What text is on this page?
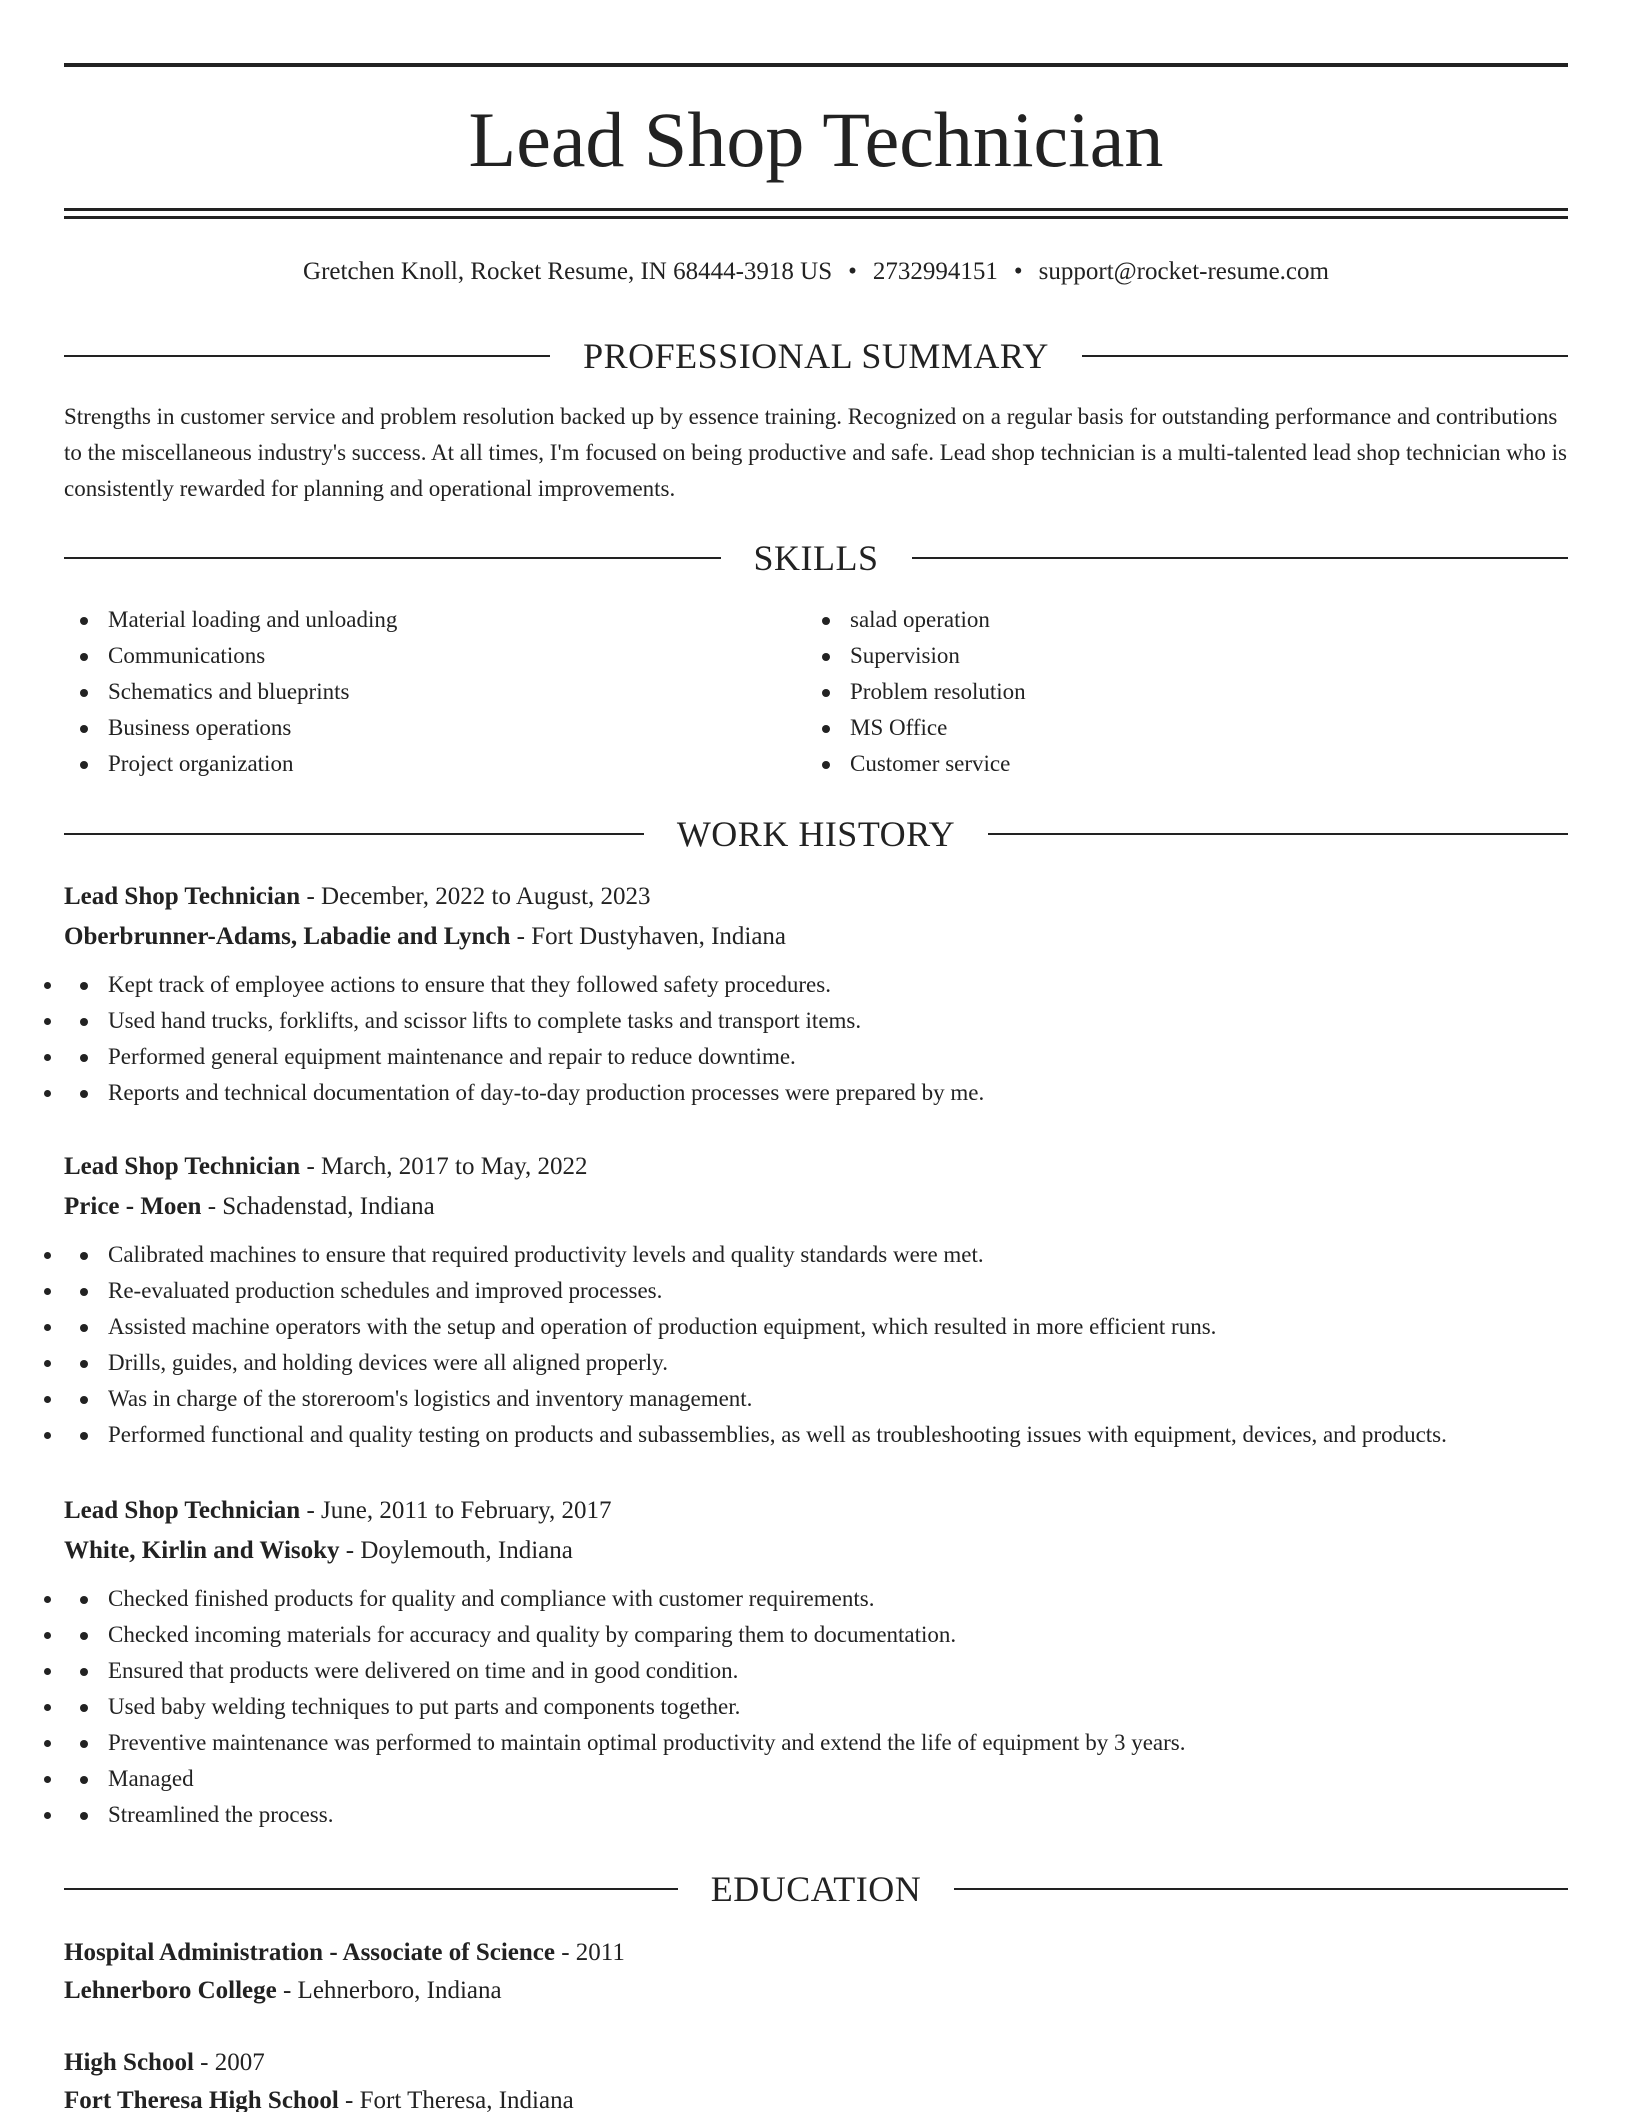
Lead Shop Technician
Gretchen Knoll, Rocket Resume, IN 68444-3918 US • 2732994151 • support@rocket-resume.com
PROFESSIONAL SUMMARY

Strengths in customer service and problem resolution backed up by essence training. Recognized on a regular basis for outstanding performance and contributions to the miscellaneous industry's success. At all times, I'm focused on being productive and safe. Lead shop technician is a multi-talented lead shop technician who is consistently rewarded for planning and operational improvements.

SKILLS
Material loading and unloading
Communications
Schematics and blueprints
Business operations
Project organization
salad operation
Supervision
Problem resolution
MS Office
Customer service
WORK HISTORY
Lead Shop Technician - December, 2022 to August, 2023
Oberbrunner-Adams, Labadie and Lynch - Fort Dustyhaven, Indiana
• Kept track of employee actions to ensure that they followed safety procedures.
• Used hand trucks, forklifts, and scissor lifts to complete tasks and transport items.
• Performed general equipment maintenance and repair to reduce downtime.
• Reports and technical documentation of day-to-day production processes were prepared by me.
Lead Shop Technician - March, 2017 to May, 2022
Price - Moen - Schadenstad, Indiana
• Calibrated machines to ensure that required productivity levels and quality standards were met.
• Re-evaluated production schedules and improved processes.
• Assisted machine operators with the setup and operation of production equipment, which resulted in more efficient runs.
• Drills, guides, and holding devices were all aligned properly.
• Was in charge of the storeroom's logistics and inventory management.
• Performed functional and quality testing on products and subassemblies, as well as troubleshooting issues with equipment, devices, and products.
Lead Shop Technician - June, 2011 to February, 2017
White, Kirlin and Wisoky - Doylemouth, Indiana
• Checked finished products for quality and compliance with customer requirements.
• Checked incoming materials for accuracy and quality by comparing them to documentation.
• Ensured that products were delivered on time and in good condition.
• Used baby welding techniques to put parts and components together.
• Preventive maintenance was performed to maintain optimal productivity and extend the life of equipment by 3 years.
• Managed
• Streamlined the process.
EDUCATION
Hospital Administration - Associate of Science - 2011
Lehnerboro College - Lehnerboro, Indiana
High School - 2007
Fort Theresa High School - Fort Theresa, Indiana
